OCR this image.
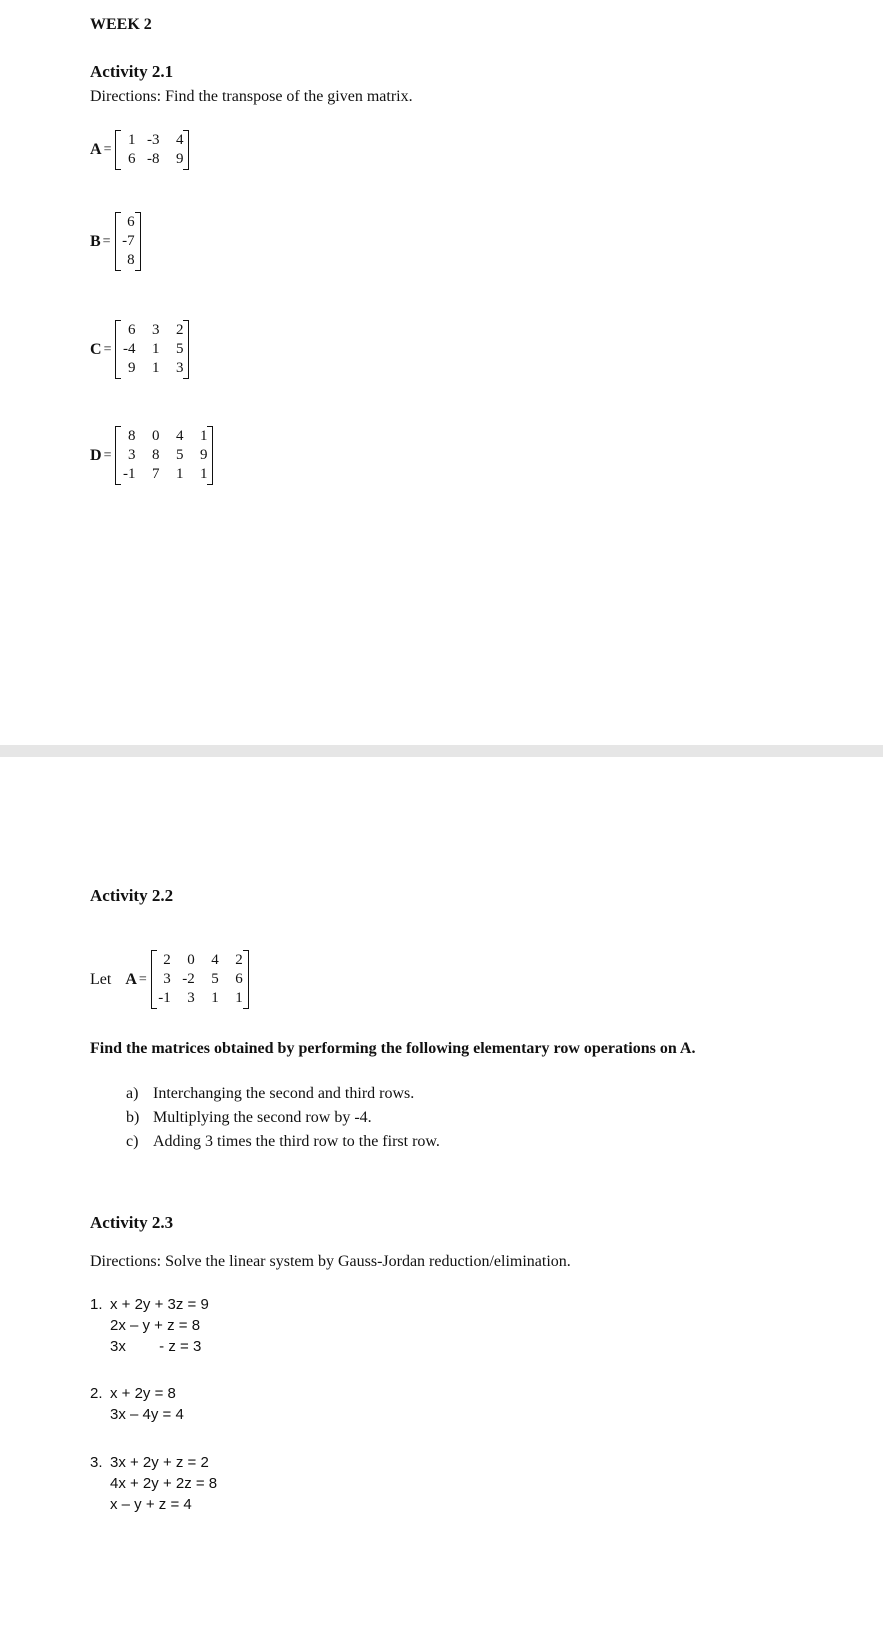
WEEK 2
Activity 2.1
Directions: Find the transpose of the given matrix.
A =
1 -3	4
6 -8	9
B =
6
-7
8
C =
6	3	2
-4	1	5
9	1	3
D =
8	0	4	1
3	8	5	9
-1	7	1	1
Activity 2.2
Let A =
2	0	4	2
3 -2	5	6
-1	3	1	1
Find the matrices obtained by performing the following elementary row operations on A.
a) Interchanging the second and third rows.
b) Multiplying the second row by -4.
c) Adding 3 times the third row to the first row.
Activity 2.3
Directions: Solve the linear system by Gauss-Jordan reduction/elimination.
1. x + 2y + 3z = 9
2x – y + z = 8
3x        - z = 3
2. x + 2y = 8
3x – 4y = 4
3. 3x + 2y + z = 2
4x + 2y + 2z = 8
x – y + z = 4
